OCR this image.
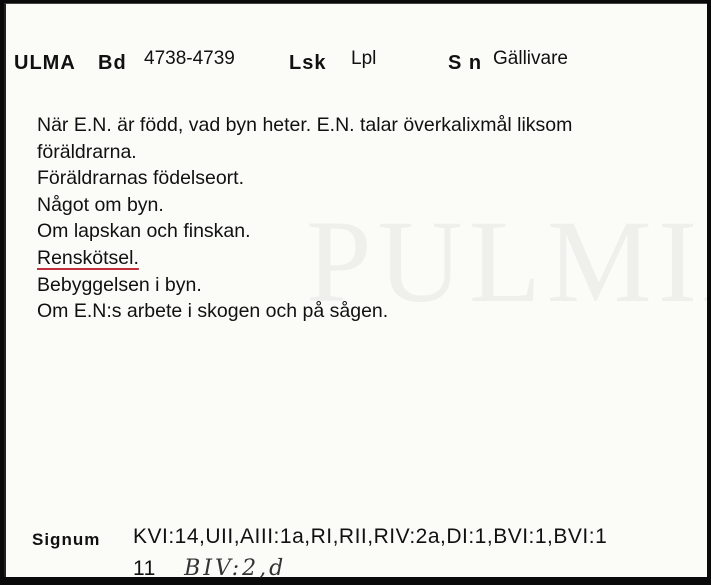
ULMA Bd 4738-4739	Lsk Lpl	S n Gällivare
När E.N. är född, vad byn heter. E.N. talar överkalixmål liksom
föräldrarna.
Föräldrarnas födelseort.
Något om byn.
Om lapskan och finskan.
Renskötsel.
Bebyggelsen i byn.
Om E.N:s arbete i skogen och på sågen.
Signum KVI:14,UII,AIII:1a,RI,RII,RIV:2a,DI:1,BVI:1,BVI:1
11 BIV:2,d
